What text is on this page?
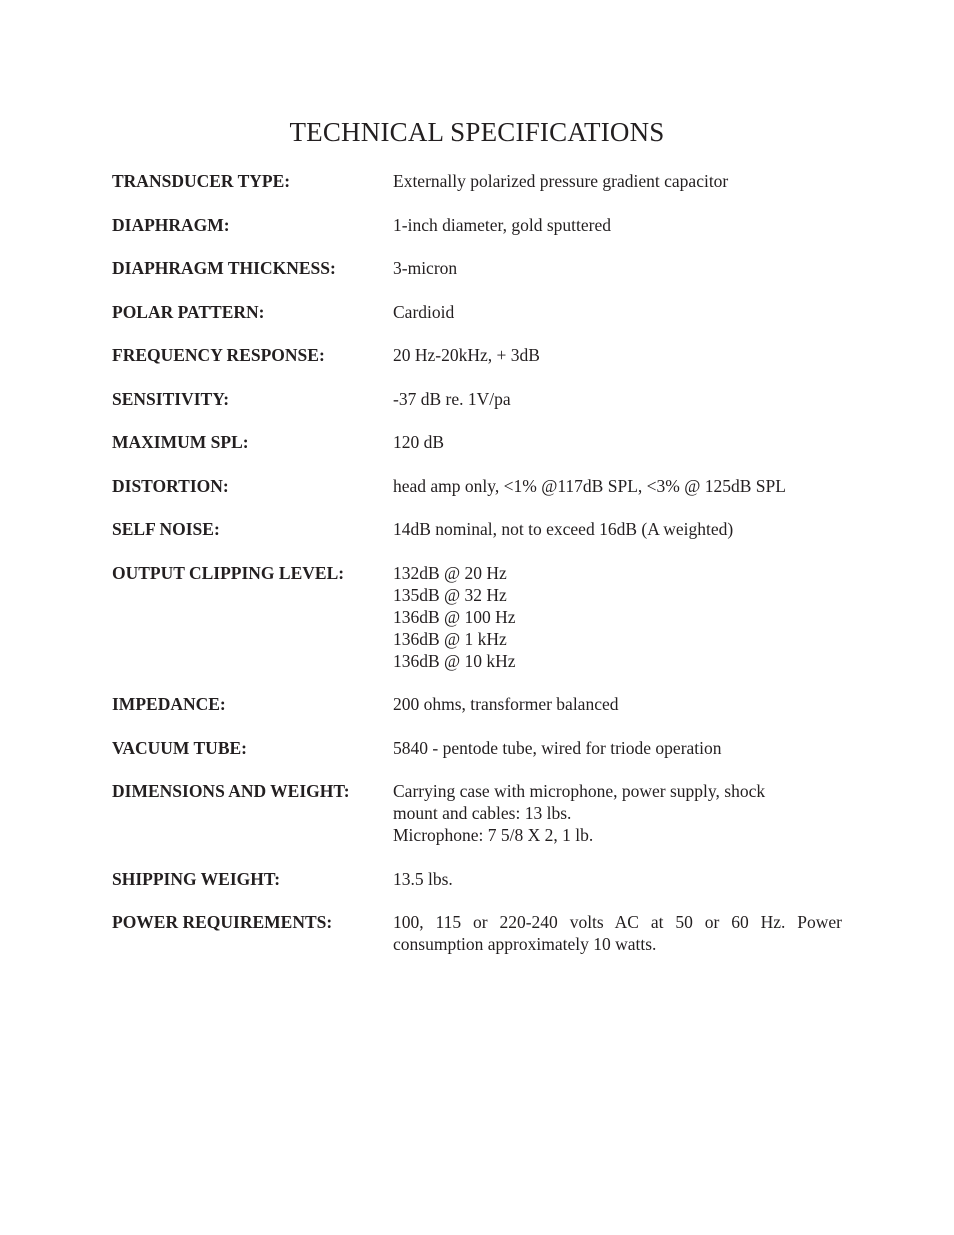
TECHNICAL SPECIFICATIONS
TRANSDUCER TYPE:	Externally polarized pressure gradient capacitor
DIAPHRAGM:	1-inch diameter, gold sputtered
DIAPHRAGM THICKNESS:	3-micron
POLAR PATTERN:	Cardioid
FREQUENCY RESPONSE:	20 Hz-20kHz, + 3dB
SENSITIVITY:	-37 dB re. 1V/pa
MAXIMUM SPL:	120 dB
DISTORTION:	head amp only, <1% @117dB SPL, <3% @ 125dB SPL
SELF NOISE:	14dB nominal, not to exceed 16dB (A weighted)
OUTPUT CLIPPING LEVEL:	132dB @ 20 Hz
135dB @ 32 Hz
136dB @ 100 Hz
136dB @ 1 kHz
136dB @ 10 kHz
IMPEDANCE:	200 ohms, transformer balanced
VACUUM TUBE:	5840 - pentode tube, wired for triode operation
DIMENSIONS AND WEIGHT:	Carrying case with microphone, power supply, shock
mount and cables: 13 lbs.
Microphone: 7 5/8 X 2, 1 lb.
SHIPPING WEIGHT:	13.5 lbs.
POWER REQUIREMENTS:	100, 115 or 220-240 volts AC at 50 or 60 Hz. Power consumption approximately 10 watts.
